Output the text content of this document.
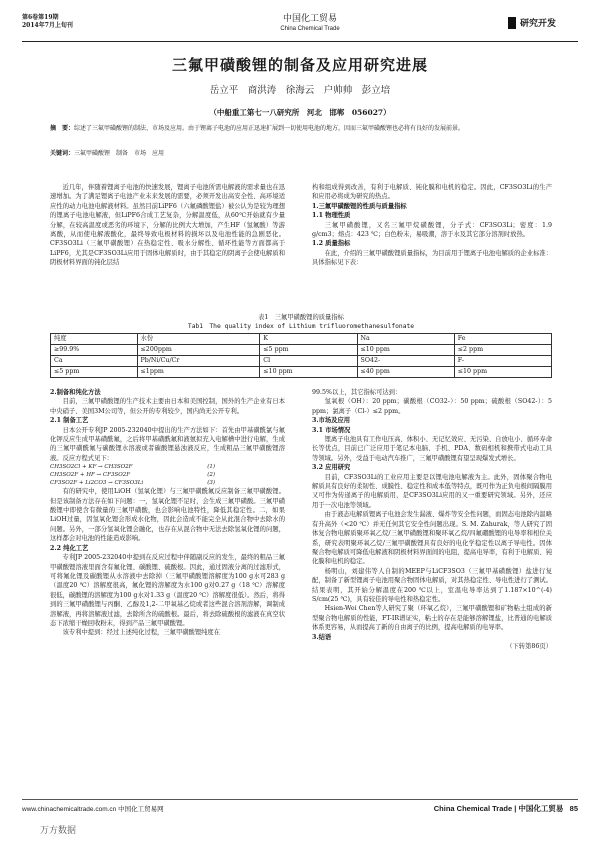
第6卷第19期
2014年7月上旬刊
中国化工贸易
China Chemical Trade	研究开发
三氟甲磺酸锂的制备及应用研究进展
岳立平　商洪涛　徐海云　户帅帅　彭立培
（中船重工第七一八研究所　河北　邯郸　056027）
摘　要：综述了三氟甲磺酸锂的制法、市场及应用。由于锂离子电池的应用正迅速扩展到一切使用电池的地方，因而三氟甲磺酸锂也必将有良好的发展前景。
关键词：三氟甲磺酸锂　制备　市场　应用

近几年，伴随着锂离子电池的快速发展，锂离子电池所需电解液的需求量也在迅速增加。为了满足锂离子电池产业未来发展的需要，必须开发出高安全性、高环境适应性的动力电池电解液材料。虽然目前LiPF6（六氟磷酸锂盐）被公认为是较为理想的锂离子电池电解液，但LiPF6合成工艺复杂，分解温度低，从60℃开始就有少量分解，在较高温度或恶劣的环境下，分解的比例大大增加，产生HF（氢氟酸）等游离酸，从而使电解液酸化，最终导致电极材料的损坏以及电池性能的急剧恶化。CF3SO3Li（三氟甲磺酸锂）在热稳定性、吸水分解性、循环性能等方面都高于LiPF6，尤其是CF3SO3Li应用于固体电解质时，由于其稳定的阴离子会使电解质和阴极材料界面的钝化层结

构和组成得到改善，有利于电解质、钝化膜和电机的稳定。因此，CF3SO3Li的生产和应用必将成为研究的热点。

1.三氟甲磺酸锂的性质与质量指标
1.1 物理性质

三氟甲磺酸锂，又名三氟甲烷磺酸锂，分子式：CF3SO3Li；密度：1.9 g/cm3；熔点：423 ℃；白色粉末，易吸潮，溶于水及其它部分溶剂时放热。

1.2 质量指标

在此，介绍的三氟甲磺酸锂质量指标，为目前用于锂离子电池电解质的企业标准：具体指标见下表：

表1　三氟甲磺酸锂的质量指标
Tab1　The quality index of Lithium trifluoromethanesulfonate
纯度	水份	K	Na	Fe
≥99.9%	≤200ppm	≤5 ppm	≤10 ppm	≤2 ppm
Ca	Pb/Ni/Cu/Cr	Cl	SO42-	F-
≤5 ppm	≤1ppm	≤10 ppm	≤40 ppm	≤10 ppm
2.制备和纯化方法

目前，三氟甲磺酸锂的生产技术主要由日本和美国控制，国外的生产企业有日本中央硝子、美国3M公司等，但公开的专利较少，国内尚无公开专利。

2.1 制备工艺

日本公开专利JP 2005-232040中提出的生产方法如下：首先由甲基磺酰氯与氟化钾反应生成甲基磺酰氟，之后将甲基磺酰氟和液氨拟充入电解槽中进行电解，生成的三氟甲磺酰氟与碳酸锂水溶液或者碳酸锂悬浊液反应，生成粗品三氟甲磺酸锂溶液。反应方程式见下：

CH3SO2Cl + KF → CH3SO2F	(1)
CH3SO2F + HF → CF3SO2F	(2)
CF3SO2F + Li2CO3 → CF3SO3Li	(3)

有的研究中，使用LiOH（氢氧化锂）与三氟甲磺酰氟反应制备三氟甲磺酸锂。但是该制备方法存在如下问题：一，氢氧化锂不足时，会生成三氟甲磺酸。三氟甲磺酸锂中即使含有微量的三氟甲磺酸，也会影响电池特性，降低其稳定性。二，如果LiOH过量，因氢氧化锂会形成水化物，因此会造成不能完全从此混合物中去除水的问题。另外，一部分氢氧化锂会融化，也存在从混合物中无法去除氢氧化锂的问题，这样都会对电池的性能造成影响。

2.2 纯化工艺

专利JP 2005-232040中提到在反应过程中伴随副反应的发生，最终的粗品三氟甲磺酸锂溶液里面含有氟化锂、碳酸锂、硫酸根。因此，通过固液分离的过滤形式，可将氟化锂及碳酸锂从水溶液中去除掉（三氟甲磺酸锂溶解度为100 g水可283 g（温度20 ℃）溶解度很高，氟化锂的溶解度为水100 g对0.27 g（18 ℃）溶解度很低，碳酸锂的溶解度为100 g水对1.33 g（温度20 ℃）溶解度很低）。然后，将得到的三氟甲磺酸锂与丙酮、乙醇及1,2-二甲氧基乙烷或者这些混合溶剂溶解，调制成溶解液，再将溶解液过滤，去除所含的硫酸根。最后，将去除硫酸根的滤液在真空状态下浓缩干燥回收粉末，得到产品三氟甲磺酸锂。

该专利中提到：经过上述纯化过程，三氟甲磺酸锂纯度在

99.5%以上，其它指标可达到：

氢氧根（OH）：20 ppm；碳酸根（CO32-）：50 ppm；硫酸根（SO42-）：5 ppm；氯离子（Cl-）≤2 ppm。

3.市场及应用
3.1 市场情况

锂离子电池具有工作电压高、体积小、无记忆效应、无污染、自放电小、循环寿命长等优点，目前已广泛应用于笔记本电脑、手机、PDA、数码相机和携带式电动工具等领域。另外，受益于电动汽车推广，三氟甲磺酸锂有望呈现爆发式增长。

3.2 应用研究

目前，CF3SO3Li的工业应用主要是以锂电池电解液为主。此外，固体聚合物电解质具有良好的柔韧性、成膜性、稳定性和成本低等特点，既可作为正负电极间隔膜用又可作为传递离子的电解质用，是CF3SO3Li应用的又一重要研究领域。另外，还应用于一次电池等领域。

由于液态电解质锂离子电池会发生漏液、爆炸等安全性问题，而固态电池除内温略有升高外（<20 ℃）并无任何其它安全性问题出现。S. M. Zahurak，等人研究了固体复合物电解质聚环氧乙烷/三氟甲磺酸锂和聚环氧乙烷/四氟硼酸锂的电导率和相位关系，研究表明聚环氧乙烷/三氟甲磺酸锂具有良好的电化学稳定性以离子导电性。因体聚合物电解质可降低电解液和阴极材料界面间的电阻，提高电导率，有利于电解质、钝化膜和电机的稳定。

杨明山，刘建伟等人自制的MEEP与LiCF3SO3（三氟甲基磺酸锂）盐进行复配，制备了新型锂离子电池用聚合物固体电解质，对其热稳定性、导电性进行了测试。结果表明，其开始分解温度在200 ℃以上，室温电导率达到了1.187×10^(-4) S/cm(25 ℃)，具有较佳的导电性和热稳定性。

Hsien-Wei Chen等人研究了聚（环氧乙烷），三氟甲磺酸锂和矿物粘土组成的新型聚合物电解质的性能，FT-IR谱证实，粘土的存在是能够溶解锂盐，比普通的电解质体系更容易，从而提高了新的自由离子的比例，提高电解质的电导率。

3.结语
（下转第86页）
www.chinachemicaltrade.com.cn 中国化工贸易网	China Chemical Trade | 中国化工贸易 85
万方数据
